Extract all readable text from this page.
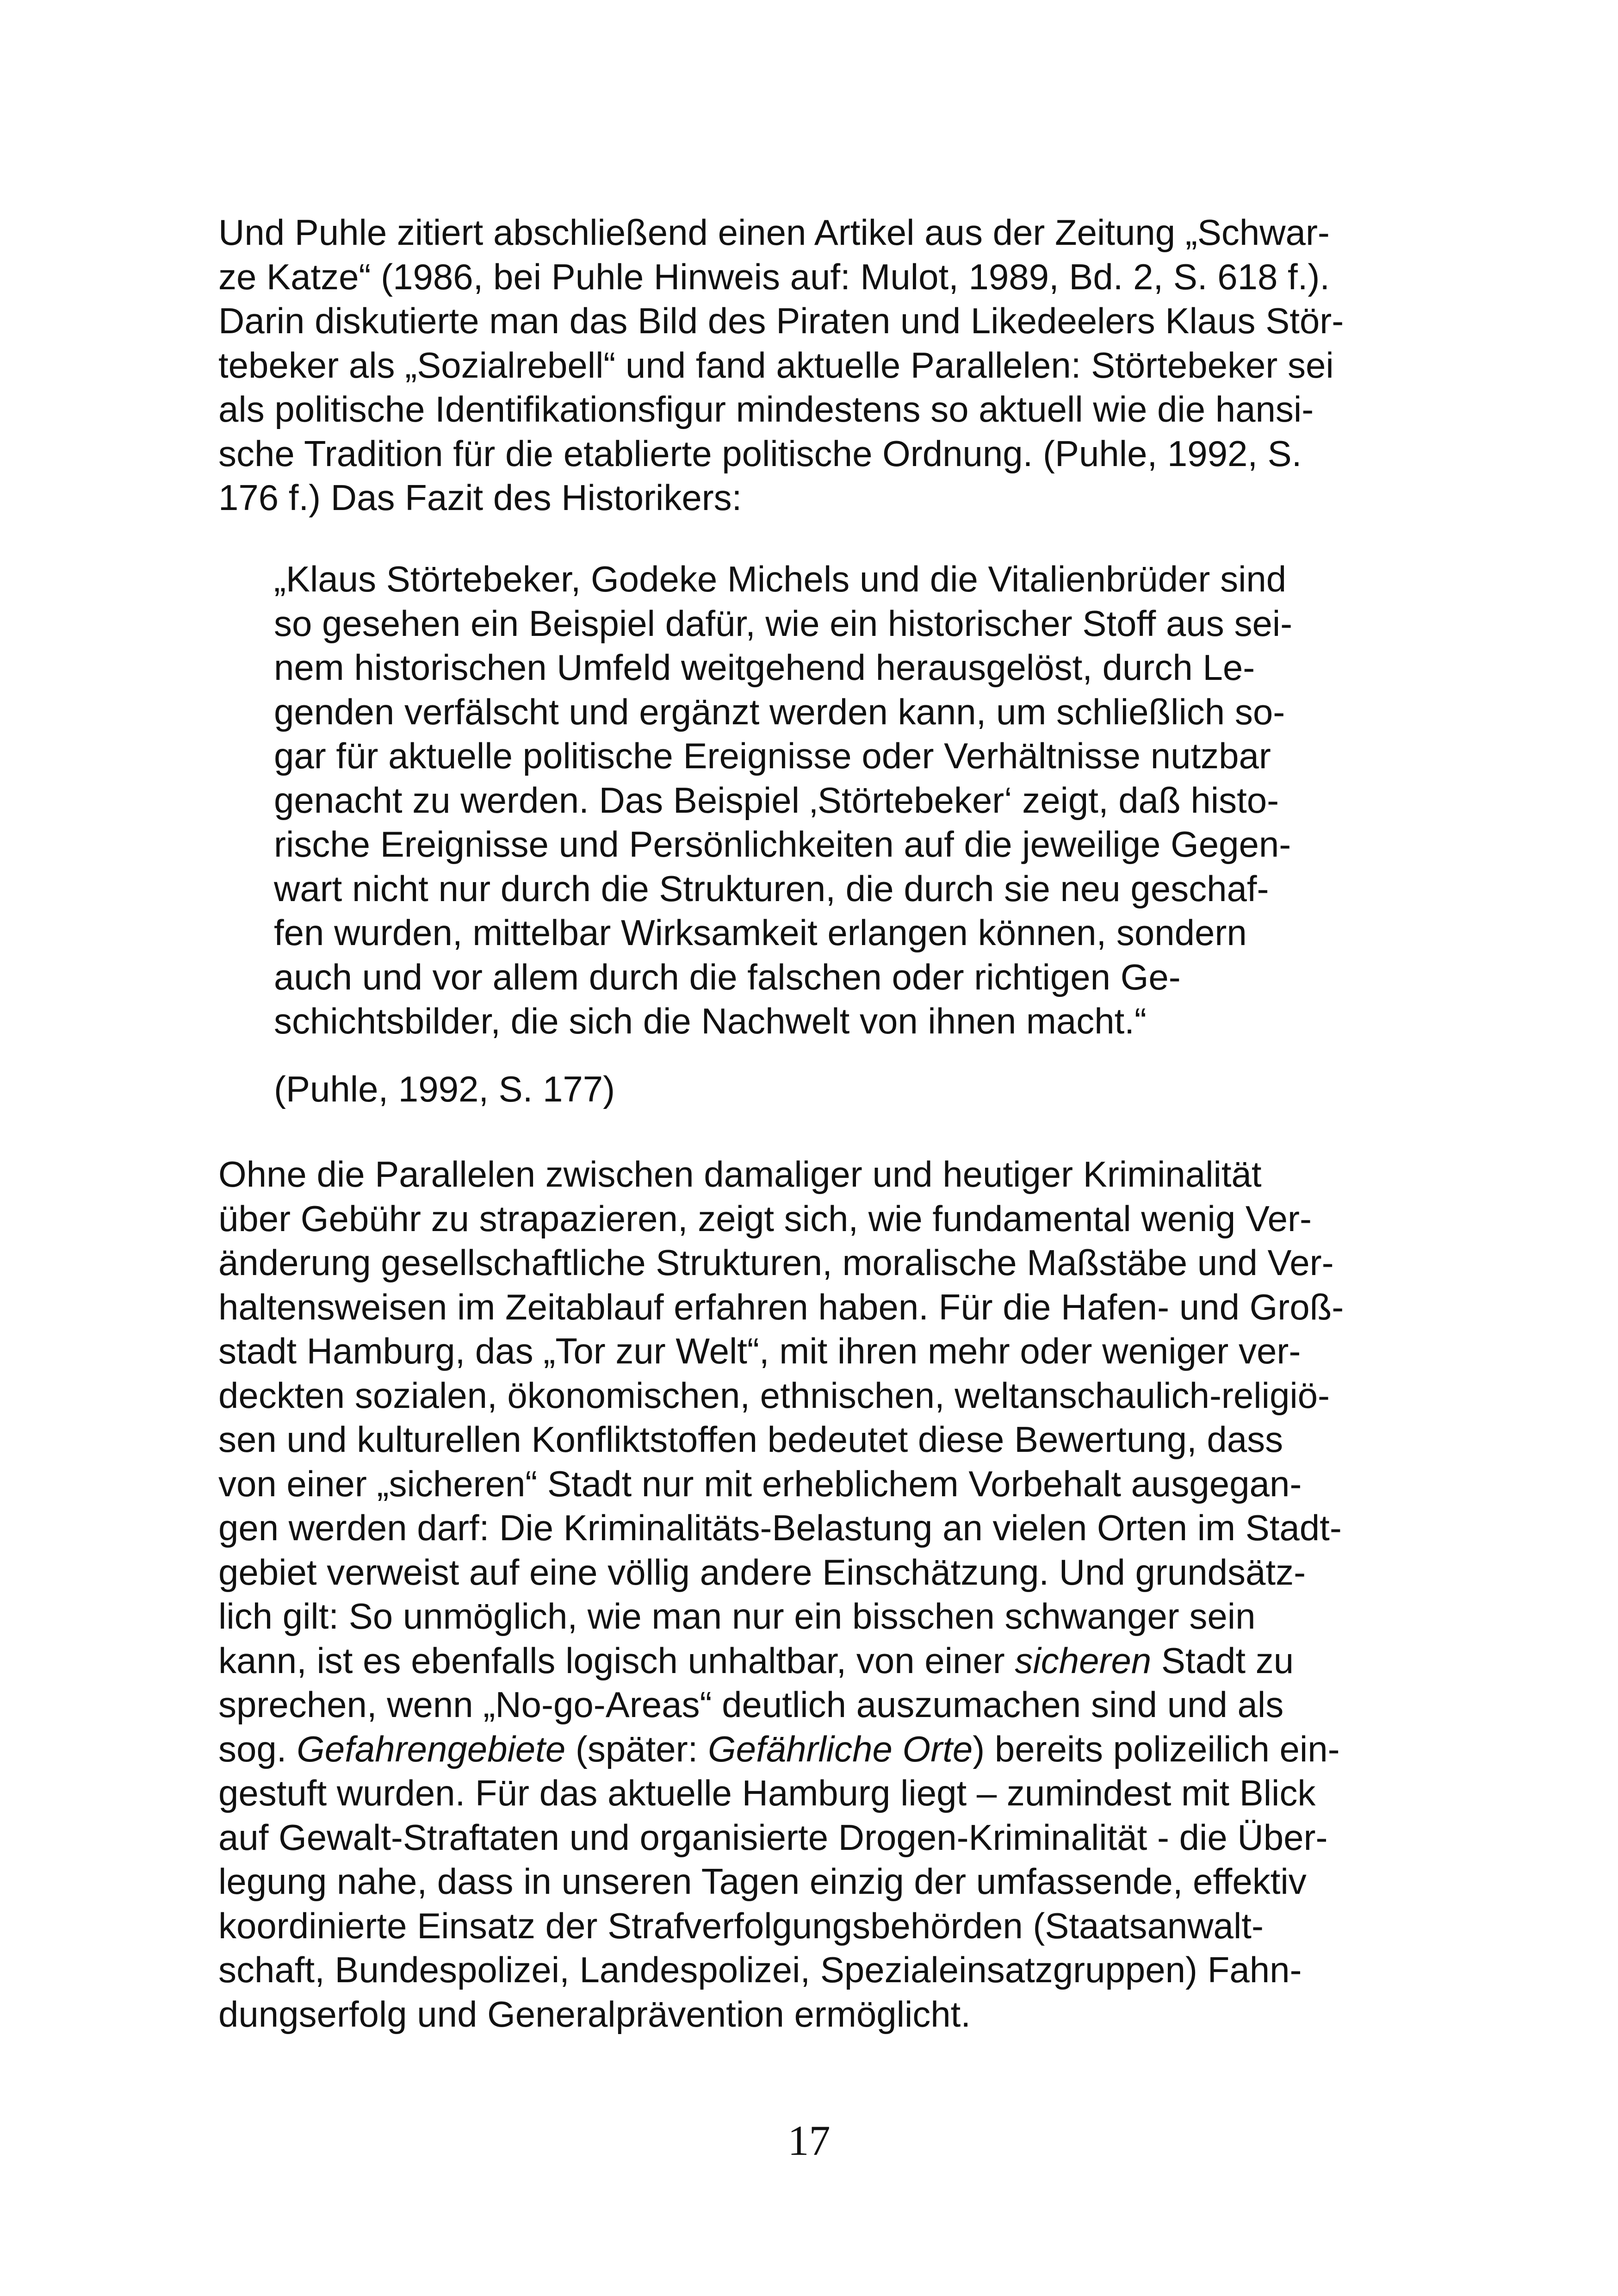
Und Puhle zitiert abschließend einen Artikel aus der Zeitung „Schwar-
ze Katze“ (1986, bei Puhle Hinweis auf: Mulot, 1989, Bd. 2, S. 618 f.).
Darin diskutierte man das Bild des Piraten und Likedeelers Klaus Stör-
tebeker als „Sozialrebell“ und fand aktuelle Parallelen: Störtebeker sei
als politische Identifikationsfigur mindestens so aktuell wie die hansi-
sche Tradition für die etablierte politische Ordnung. (Puhle, 1992, S.
176 f.) Das Fazit des Historikers:

„Klaus Störtebeker, Godeke Michels und die Vitalienbrüder sind
so gesehen ein Beispiel dafür, wie ein historischer Stoff aus sei-
nem historischen Umfeld weitgehend herausgelöst, durch Le-
genden verfälscht und ergänzt werden kann, um schließlich so-
gar für aktuelle politische Ereignisse oder Verhältnisse nutzbar
genacht zu werden. Das Beispiel ‚Störtebeker‘ zeigt, daß histo-
rische Ereignisse und Persönlichkeiten auf die jeweilige Gegen-
wart nicht nur durch die Strukturen, die durch sie neu geschaf-
fen wurden, mittelbar Wirksamkeit erlangen können, sondern
auch und vor allem durch die falschen oder richtigen Ge-
schichtsbilder, die sich die Nachwelt von ihnen macht.“

(Puhle, 1992, S. 177)

Ohne die Parallelen zwischen damaliger und heutiger Kriminalität
über Gebühr zu strapazieren, zeigt sich, wie fundamental wenig Ver-
änderung gesellschaftliche Strukturen, moralische Maßstäbe und Ver-
haltensweisen im Zeitablauf erfahren haben. Für die Hafen- und Groß-
stadt Hamburg, das „Tor zur Welt“, mit ihren mehr oder weniger ver-
deckten sozialen, ökonomischen, ethnischen, weltanschaulich-religiö-
sen und kulturellen Konfliktstoffen bedeutet diese Bewertung, dass
von einer „sicheren“ Stadt nur mit erheblichem Vorbehalt ausgegan-
gen werden darf: Die Kriminalitäts-Belastung an vielen Orten im Stadt-
gebiet verweist auf eine völlig andere Einschätzung. Und grundsätz-
lich gilt: So unmöglich, wie man nur ein bisschen schwanger sein
kann, ist es ebenfalls logisch unhaltbar, von einer sicheren Stadt zu
sprechen, wenn „No-go-Areas“ deutlich auszumachen sind und als
sog. Gefahrengebiete (später: Gefährliche Orte) bereits polizeilich ein-
gestuft wurden. Für das aktuelle Hamburg liegt – zumindest mit Blick
auf Gewalt-Straftaten und organisierte Drogen-Kriminalität - die Über-
legung nahe, dass in unseren Tagen einzig der umfassende, effektiv
koordinierte Einsatz der Strafverfolgungsbehörden (Staatsanwalt-
schaft, Bundespolizei, Landespolizei, Spezialeinsatzgruppen) Fahn-
dungserfolg und Generalprävention ermöglicht.

17
